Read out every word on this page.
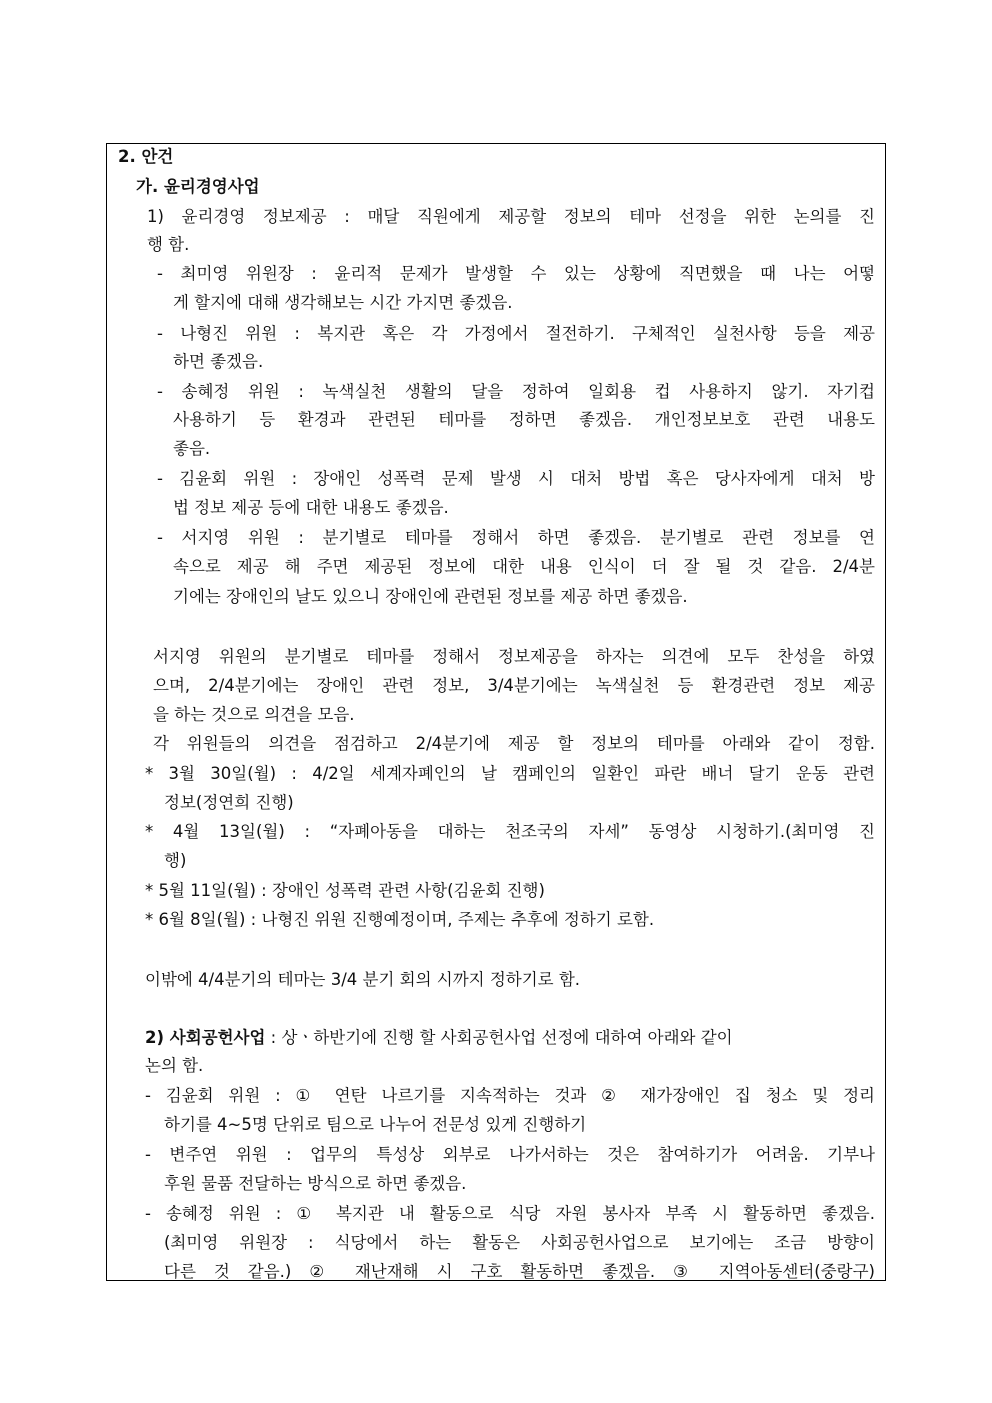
2. 안건
가. 윤리경영사업
1) 윤리경영 정보제공 : 매달 직원에게 제공할 정보의 테마 선정을 위한 논의를 진
행 함.
- 최미영 위원장 : 윤리적 문제가 발생할 수 있는 상황에 직면했을 때 나는 어떻
게 할지에 대해 생각해보는 시간 가지면 좋겠음.
- 나형진 위원 : 복지관 혹은 각 가정에서 절전하기. 구체적인 실천사항 등을 제공
하면 좋겠음.
- 송혜정 위원 : 녹색실천 생활의 달을 정하여 일회용 컵 사용하지 않기. 자기컵
사용하기 등 환경과 관련된 테마를 정하면 좋겠음. 개인정보보호 관련 내용도
좋음.
- 김윤회 위원 : 장애인 성폭력 문제 발생 시 대처 방법 혹은 당사자에게 대처 방
법 정보 제공 등에 대한 내용도 좋겠음.
- 서지영 위원 : 분기별로 테마를 정해서 하면 좋겠음. 분기별로 관련 정보를 연
속으로 제공 해 주면 제공된 정보에 대한 내용 인식이 더 잘 될 것 같음. 2/4분
기에는 장애인의 날도 있으니 장애인에 관련된 정보를 제공 하면 좋겠음.
서지영 위원의 분기별로 테마를 정해서 정보제공을 하자는 의견에 모두 찬성을 하였
으며, 2/4분기에는 장애인 관련 정보, 3/4분기에는 녹색실천 등 환경관련 정보 제공
을 하는 것으로 의견을 모음.
각 위원들의 의견을 점검하고 2/4분기에 제공 할 정보의 테마를 아래와 같이 정함.
* 3월 30일(월) : 4/2일 세계자폐인의 날 캠페인의 일환인 파란 배너 달기 운동 관련
정보(정연희 진행)
* 4월 13일(월) : “자폐아동을 대하는 천조국의 자세” 동영상 시청하기.(최미영 진
행)
* 5월 11일(월) : 장애인 성폭력 관련 사항(김윤회 진행)
* 6월 8일(월) : 나형진 위원 진행예정이며, 주제는 추후에 정하기 로함.
이밖에 4/4분기의 테마는 3/4 분기 회의 시까지 정하기로 함.
2) 사회공헌사업 : 상ㆍ하반기에 진행 할 사회공헌사업 선정에 대하여 아래와 같이
논의 함.
- 김윤회 위원 : ① 연탄 나르기를 지속적하는 것과 ② 재가장애인 집 청소 및 정리
하기를 4~5명 단위로 팀으로 나누어 전문성 있게 진행하기
- 변주연 위원 : 업무의 특성상 외부로 나가서하는 것은 참여하기가 어려움. 기부나
후원 물품 전달하는 방식으로 하면 좋겠음.
- 송혜정 위원 : ① 복지관 내 활동으로 식당 자원 봉사자 부족 시 활동하면 좋겠음.
(최미영 위원장 : 식당에서 하는 활동은 사회공헌사업으로 보기에는 조금 방향이
다른 것 같음.) ② 재난재해 시 구호 활동하면 좋겠음. ③ 지역아동센터(중랑구)
